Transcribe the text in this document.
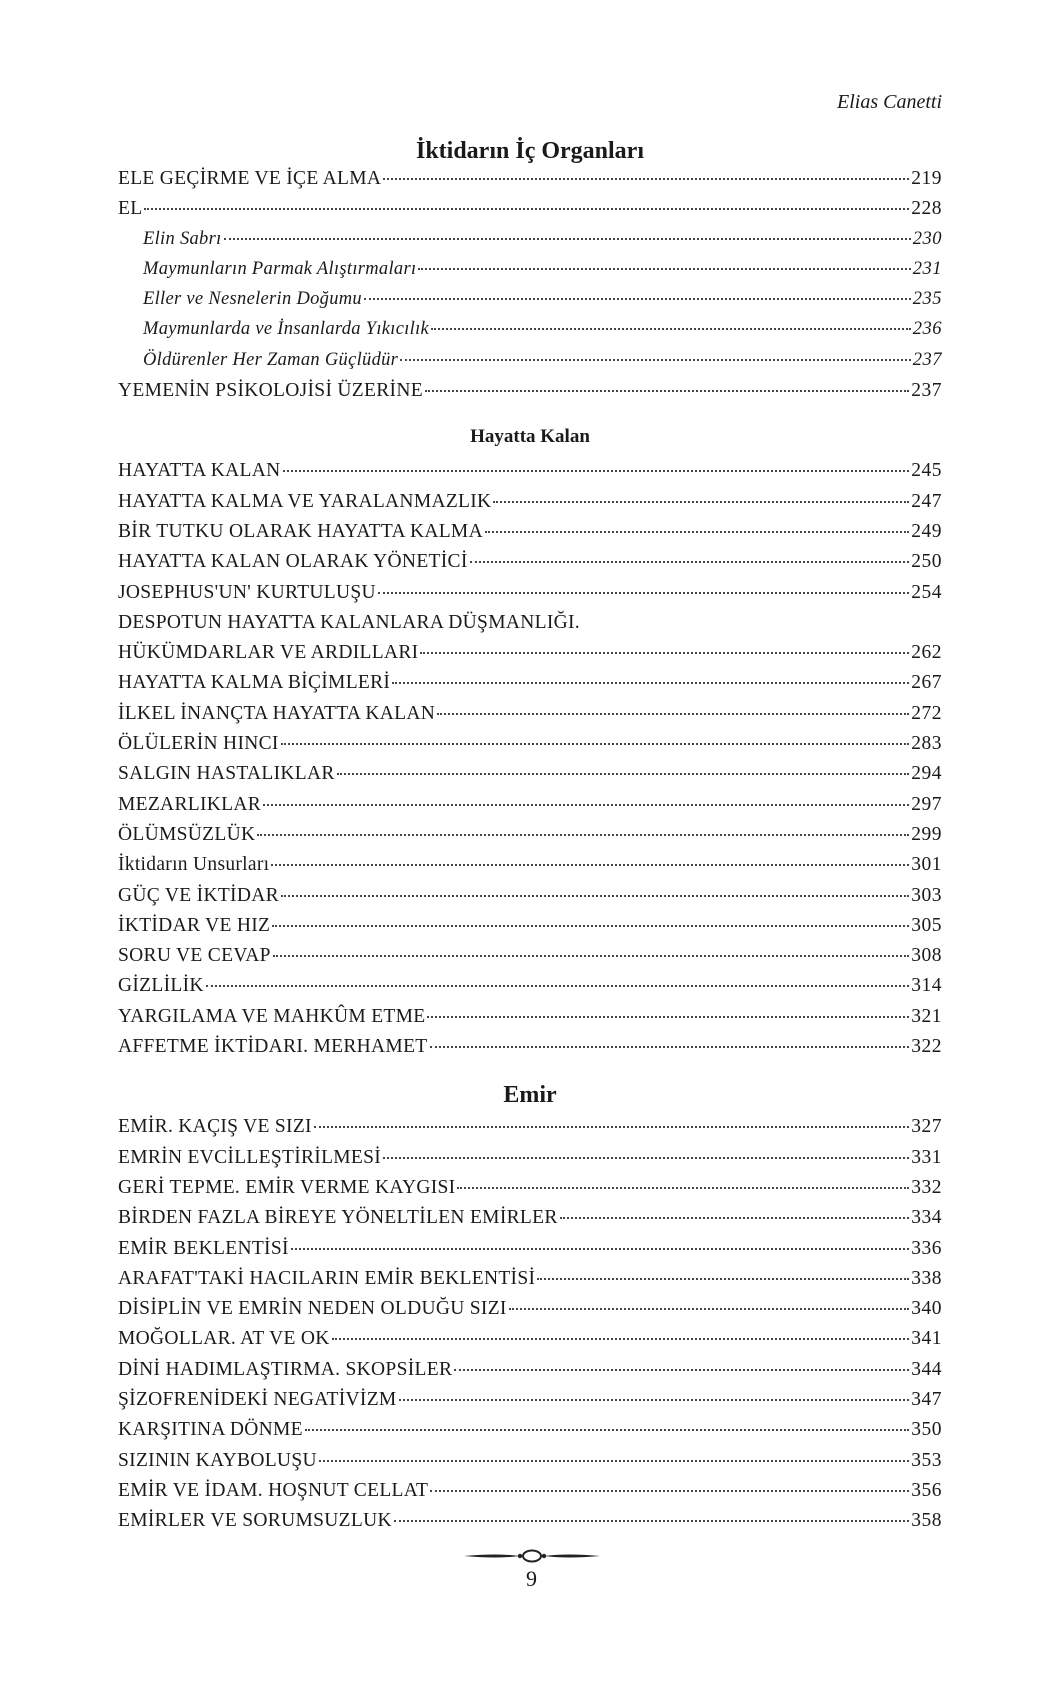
Elias Canetti
İktidarın İç Organları
ELE GEÇİRME VE İÇE ALMA	219
EL	228
Elin Sabrı	230
Maymunların Parmak Alıştırmaları	231
Eller ve Nesnelerin Doğumu	235
Maymunlarda ve İnsanlarda Yıkıcılık	236
Öldürenler Her Zaman Güçlüdür	237
YEMENİN PSİKOLOJİSİ ÜZERİNE	237
Hayatta Kalan
HAYATTA KALAN	245
HAYATTA KALMA VE YARALANMAZLIK	247
BİR TUTKU OLARAK HAYATTA KALMA	249
HAYATTA KALAN OLARAK YÖNETİCİ	250
JOSEPHUS'UN' KURTULUŞU	254
DESPOTUN HAYATTA KALANLARA DÜŞMANLIĞI.
HÜKÜMDARLAR VE ARDILLARI	262
HAYATTA KALMA BİÇİMLERİ	267
İLKEL İNANÇTA HAYATTA KALAN	272
ÖLÜLERİN HINCI	283
SALGIN HASTALIKLAR	294
MEZARLIKLAR	297
ÖLÜMSÜZLÜK	299
İktidarın Unsurları	301
GÜÇ VE İKTİDAR	303
İKTİDAR VE HIZ	305
SORU VE CEVAP	308
GİZLİLİK	314
YARGILAMA VE MAHKÛM ETME	321
AFFETME İKTİDARI. MERHAMET	322
Emir
EMİR. KAÇIŞ VE SIZI	327
EMRİN EVCİLLEŞTİRİLMESİ	331
GERİ TEPME. EMİR VERME KAYGISI	332
BİRDEN FAZLA BİREYE YÖNELTİLEN EMİRLER	334
EMİR BEKLENTİSİ	336
ARAFAT'TAKİ HACILARIN EMİR BEKLENTİSİ	338
DİSİPLİN VE EMRİN NEDEN OLDUĞU SIZI	340
MOĞOLLAR. AT VE OK	341
DİNİ HADIMLAŞTIRMA. SKOPSİLER	344
ŞİZOFRENİDEKİ NEGATİVİZM	347
KARŞITINA DÖNME	350
SIZININ KAYBOLUŞU	353
EMİR VE İDAM. HOŞNUT CELLAT	356
EMİRLER VE SORUMSUZLUK	358
9
